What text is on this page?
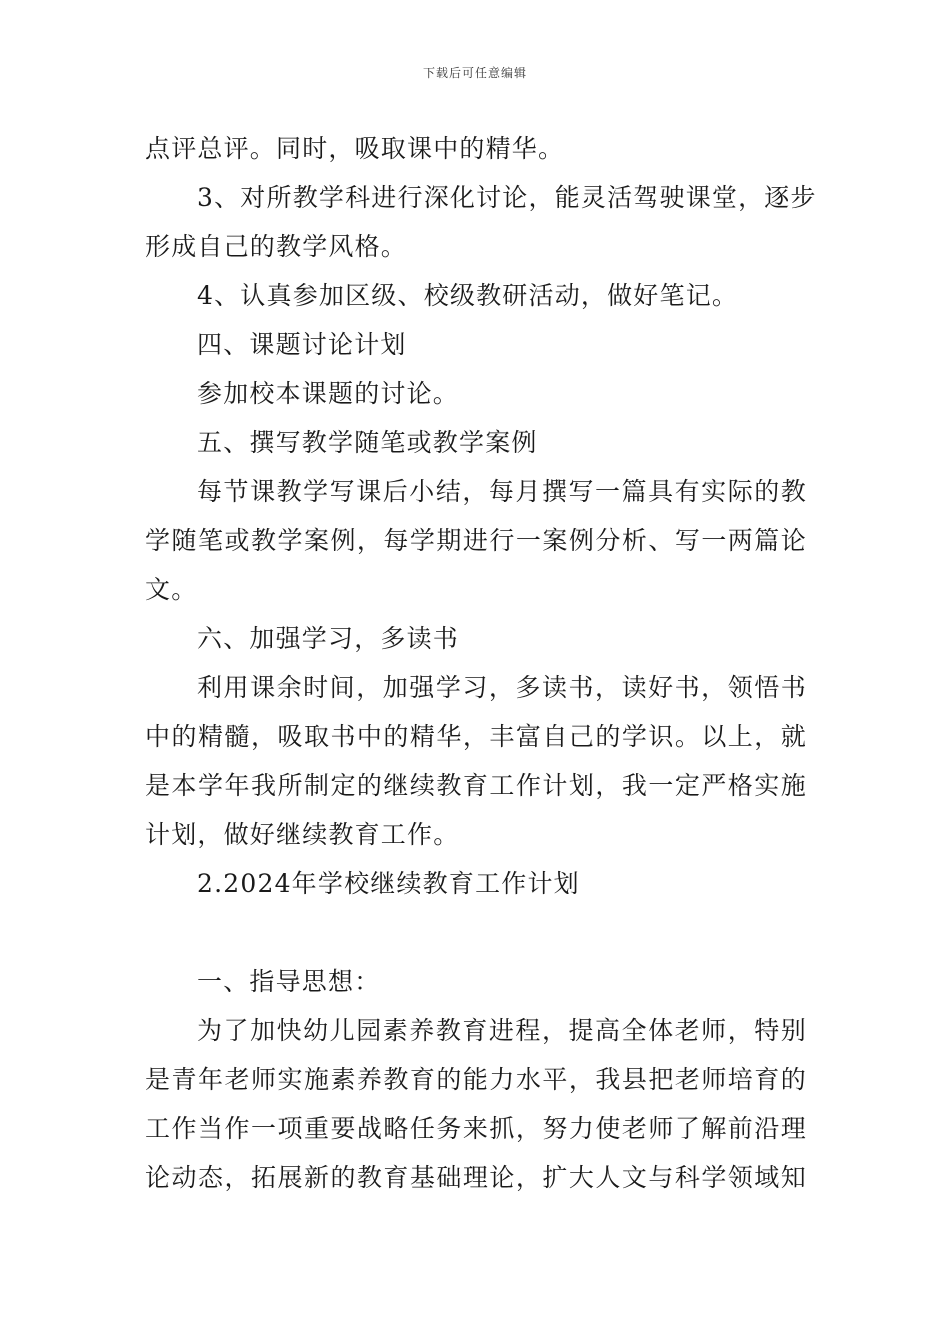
下载后可任意编辑
点评总评。同时，吸取课中的精华。
3、对所教学科进行深化讨论，能灵活驾驶课堂，逐步
形成自己的教学风格。
4、认真参加区级、校级教研活动，做好笔记。
四、课题讨论计划
参加校本课题的讨论。
五、撰写教学随笔或教学案例
每节课教学写课后小结，每月撰写一篇具有实际的教
学随笔或教学案例，每学期进行一案例分析、写一两篇论
文。
六、加强学习，多读书
利用课余时间，加强学习，多读书，读好书，领悟书
中的精髓，吸取书中的精华，丰富自己的学识。以上，就
是本学年我所制定的继续教育工作计划，我一定严格实施
计划，做好继续教育工作。
2.2024年学校继续教育工作计划
一、指导思想：
为了加快幼儿园素养教育进程，提高全体老师，特别
是青年老师实施素养教育的能力水平，我县把老师培育的
工作当作一项重要战略任务来抓，努力使老师了解前沿理
论动态，拓展新的教育基础理论，扩大人文与科学领域知
